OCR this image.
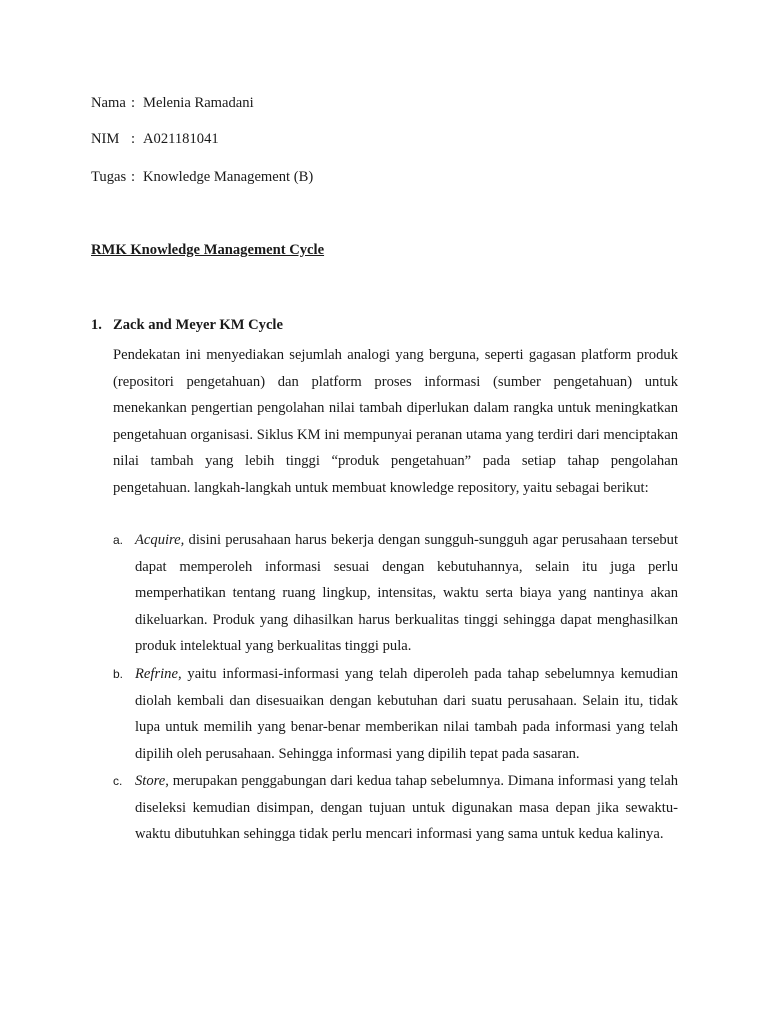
Nama : Melenia Ramadani
NIM : A021181041
Tugas : Knowledge Management (B)
RMK Knowledge Management Cycle
1. Zack and Meyer KM Cycle

Pendekatan ini menyediakan sejumlah analogi yang berguna, seperti gagasan platform produk (repositori pengetahuan) dan platform proses informasi (sumber pengetahuan) untuk menekankan pengertian pengolahan nilai tambah diperlukan dalam rangka untuk meningkatkan pengetahuan organisasi. Siklus KM ini mempunyai peranan utama yang terdiri dari menciptakan nilai tambah yang lebih tinggi “produk pengetahuan” pada setiap tahap pengolahan pengetahuan. langkah-langkah untuk membuat knowledge repository, yaitu sebagai berikut:

a. Acquire, disini perusahaan harus bekerja dengan sungguh-sungguh agar perusahaan tersebut dapat memperoleh informasi sesuai dengan kebutuhannya, selain itu juga perlu memperhatikan tentang ruang lingkup, intensitas, waktu serta biaya yang nantinya akan dikeluarkan. Produk yang dihasilkan harus berkualitas tinggi sehingga dapat menghasilkan produk intelektual yang berkualitas tinggi pula.
b. Refrine, yaitu informasi-informasi yang telah diperoleh pada tahap sebelumnya kemudian diolah kembali dan disesuaikan dengan kebutuhan dari suatu perusahaan. Selain itu, tidak lupa untuk memilih yang benar-benar memberikan nilai tambah pada informasi yang telah dipilih oleh perusahaan. Sehingga informasi yang dipilih tepat pada sasaran.
c. Store, merupakan penggabungan dari kedua tahap sebelumnya. Dimana informasi yang telah diseleksi kemudian disimpan, dengan tujuan untuk digunakan masa depan jika sewaktu-waktu dibutuhkan sehingga tidak perlu mencari informasi yang sama untuk kedua kalinya.
